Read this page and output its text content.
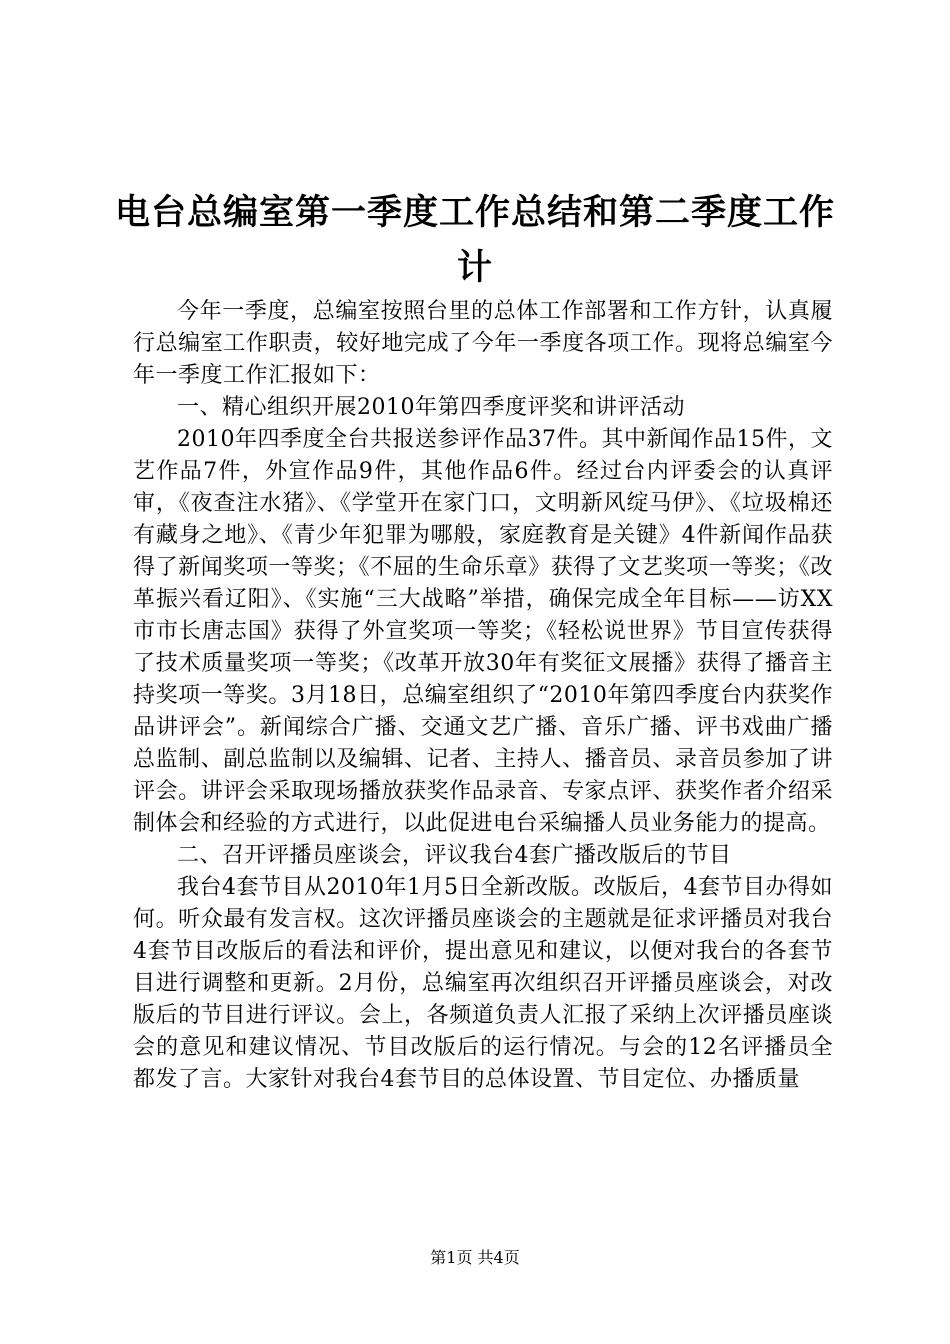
电台总编室第一季度工作总结和第二季度工作
计

今年一季度，总编室按照台里的总体工作部署和工作方针，认真履行总编室工作职责，较好地完成了今年一季度各项工作。现将总编室今年一季度工作汇报如下：

一、精心组织开展2010年第四季度评奖和讲评活动

2010年四季度全台共报送参评作品37件。其中新闻作品15件，文艺作品7件，外宣作品9件，其他作品6件。经过台内评委会的认真评审，《夜查注水猪》、《学堂开在家门口，文明新风绽马伊》、《垃圾棉还有藏身之地》、《青少年犯罪为哪般，家庭教育是关键》4件新闻作品获得了新闻奖项一等奖；《不屈的生命乐章》获得了文艺奖项一等奖；《改革振兴看辽阳》、《实施“三大战略”举措，确保完成全年目标——访XX市市长唐志国》获得了外宣奖项一等奖；《轻松说世界》节目宣传获得了技术质量奖项一等奖；《改革开放30年有奖征文展播》获得了播音主持奖项一等奖。3月18日，总编室组织了“2010年第四季度台内获奖作品讲评会”。新闻综合广播、交通文艺广播、音乐广播、评书戏曲广播总监制、副总监制以及编辑、记者、主持人、播音员、录音员参加了讲评会。讲评会采取现场播放获奖作品录音、专家点评、获奖作者介绍采制体会和经验的方式进行，以此促进电台采编播人员业务能力的提高。

二、召开评播员座谈会，评议我台4套广播改版后的节目

我台4套节目从2010年1月5日全新改版。改版后，4套节目办得如何。听众最有发言权。这次评播员座谈会的主题就是征求评播员对我台4套节目改版后的看法和评价，提出意见和建议，以便对我台的各套节目进行调整和更新。2月份，总编室再次组织召开评播员座谈会，对改版后的节目进行评议。会上，各频道负责人汇报了采纳上次评播员座谈会的意见和建议情况、节目改版后的运行情况。与会的12名评播员全都发了言。大家针对我台4套节目的总体设置、节目定位、办播质量

第1页 共4页
